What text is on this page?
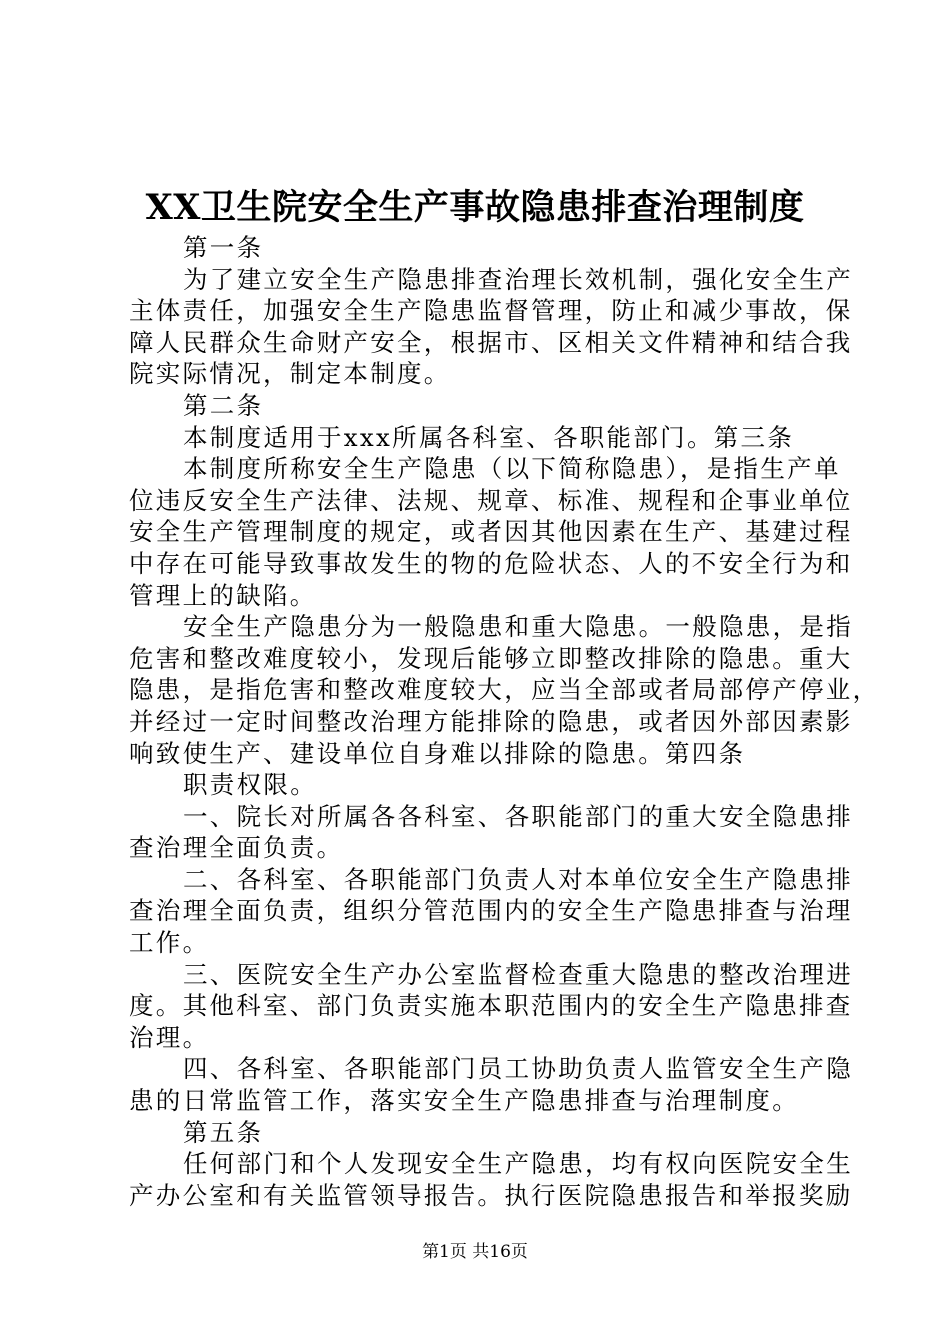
XX卫生院安全生产事故隐患排查治理制度

第一条

为了建立安全生产隐患排查治理长效机制，强化安全生产

主体责任，加强安全生产隐患监督管理，防止和减少事故，保

障人民群众生命财产安全，根据市、区相关文件精神和结合我

院实际情况，制定本制度。

第二条

本制度适用于xxx所属各科室、各职能部门。第三条

本制度所称安全生产隐患（以下简称隐患），是指生产单

位违反安全生产法律、法规、规章、标准、规程和企事业单位

安全生产管理制度的规定，或者因其他因素在生产、基建过程

中存在可能导致事故发生的物的危险状态、人的不安全行为和

管理上的缺陷。

安全生产隐患分为一般隐患和重大隐患。一般隐患，是指

危害和整改难度较小，发现后能够立即整改排除的隐患。重大

隐患，是指危害和整改难度较大，应当全部或者局部停产停业，

并经过一定时间整改治理方能排除的隐患，或者因外部因素影

响致使生产、建设单位自身难以排除的隐患。第四条

职责权限。

一、院长对所属各各科室、各职能部门的重大安全隐患排

查治理全面负责。

二、各科室、各职能部门负责人对本单位安全生产隐患排

查治理全面负责，组织分管范围内的安全生产隐患排查与治理

工作。

三、医院安全生产办公室监督检查重大隐患的整改治理进

度。其他科室、部门负责实施本职范围内的安全生产隐患排查

治理。

四、各科室、各职能部门员工协助负责人监管安全生产隐

患的日常监管工作，落实安全生产隐患排查与治理制度。

第五条

任何部门和个人发现安全生产隐患，均有权向医院安全生

产办公室和有关监管领导报告。执行医院隐患报告和举报奖励

第1页 共16页
